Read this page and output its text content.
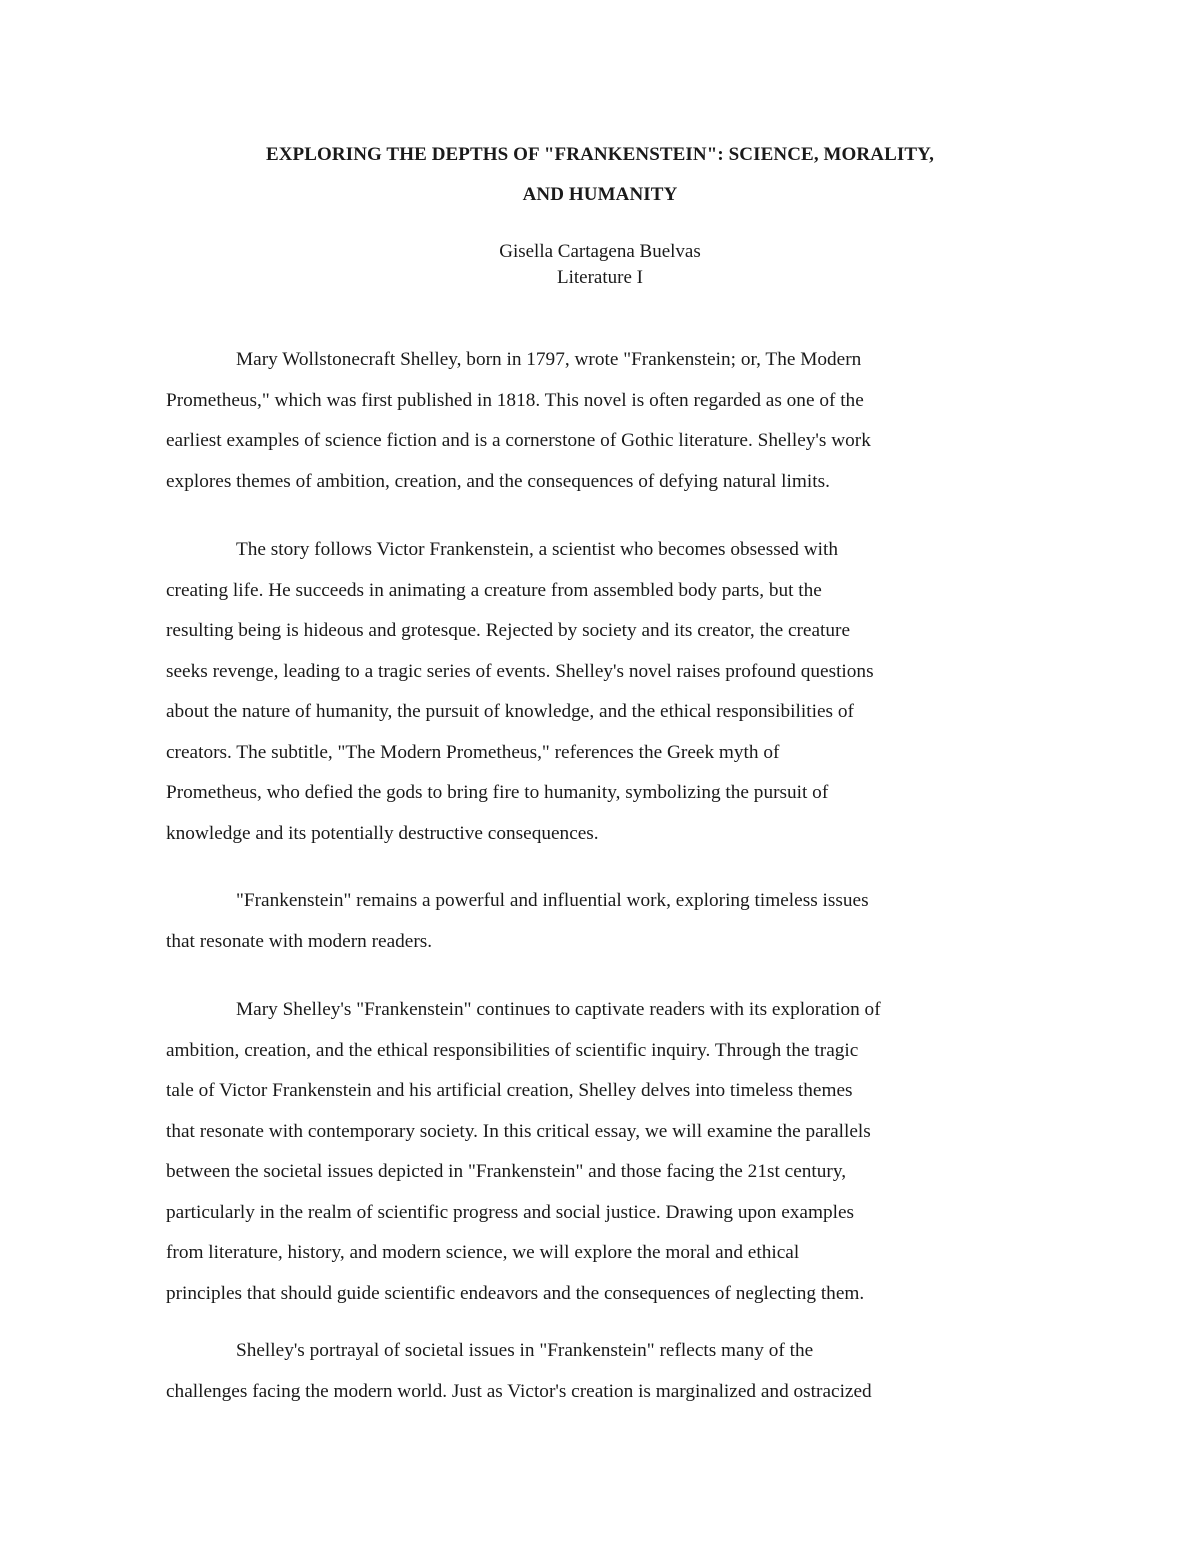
EXPLORING THE DEPTHS OF "FRANKENSTEIN": SCIENCE, MORALITY,
AND HUMANITY

Gisella Cartagena Buelvas

Literature I

Mary Wollstonecraft Shelley, born in 1797, wrote "Frankenstein; or, The Modern
Prometheus," which was first published in 1818. This novel is often regarded as one of the
earliest examples of science fiction and is a cornerstone of Gothic literature. Shelley's work
explores themes of ambition, creation, and the consequences of defying natural limits.

The story follows Victor Frankenstein, a scientist who becomes obsessed with
creating life. He succeeds in animating a creature from assembled body parts, but the
resulting being is hideous and grotesque. Rejected by society and its creator, the creature
seeks revenge, leading to a tragic series of events. Shelley's novel raises profound questions
about the nature of humanity, the pursuit of knowledge, and the ethical responsibilities of
creators. The subtitle, "The Modern Prometheus," references the Greek myth of
Prometheus, who defied the gods to bring fire to humanity, symbolizing the pursuit of
knowledge and its potentially destructive consequences.

"Frankenstein" remains a powerful and influential work, exploring timeless issues
that resonate with modern readers.

Mary Shelley's "Frankenstein" continues to captivate readers with its exploration of
ambition, creation, and the ethical responsibilities of scientific inquiry. Through the tragic
tale of Victor Frankenstein and his artificial creation, Shelley delves into timeless themes
that resonate with contemporary society. In this critical essay, we will examine the parallels
between the societal issues depicted in "Frankenstein" and those facing the 21st century,
particularly in the realm of scientific progress and social justice. Drawing upon examples
from literature, history, and modern science, we will explore the moral and ethical
principles that should guide scientific endeavors and the consequences of neglecting them.

Shelley's portrayal of societal issues in "Frankenstein" reflects many of the
challenges facing the modern world. Just as Victor's creation is marginalized and ostracized
